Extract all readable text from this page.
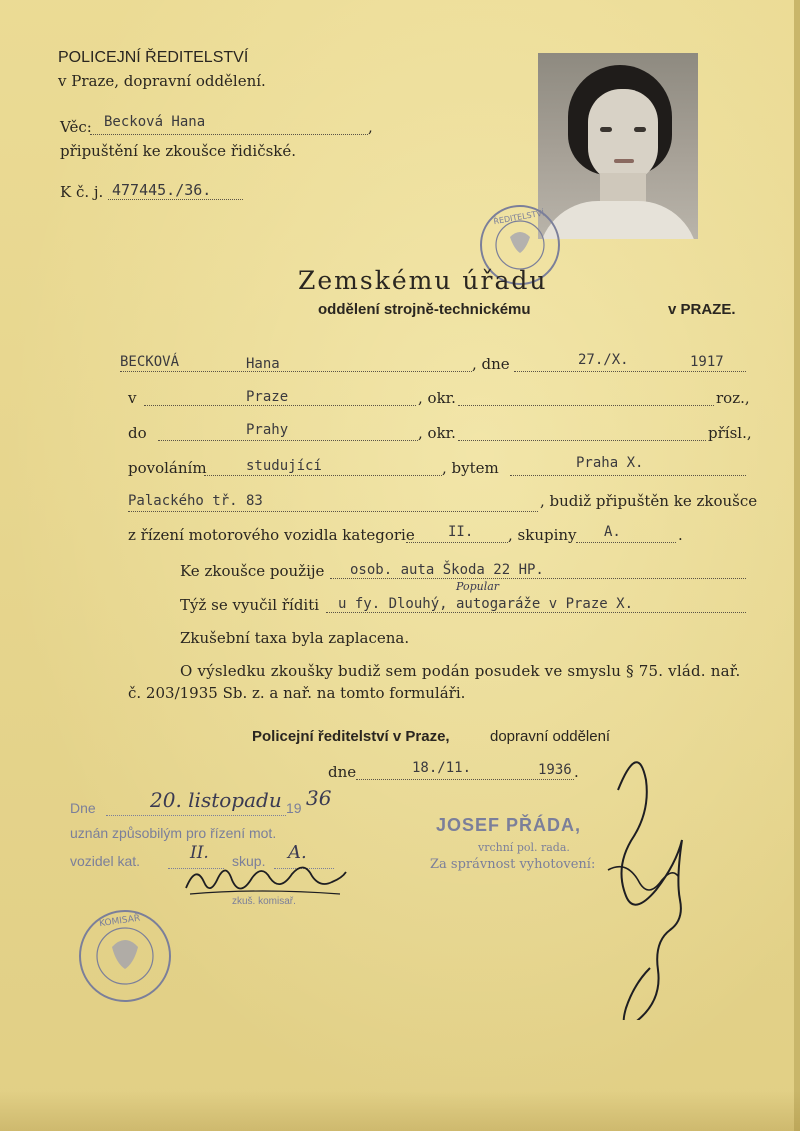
POLICEJNÍ ŘEDITELSTVÍ
v Praze, dopravní oddělení.
Věc: Becková Hana	,
připuštění ke zkoušce řidičské.
K č. j. 477445./36.
ŘEDITELSTVÍ
Zemskému úřadu
oddělení strojně-technickému	v PRAZE.
BECKOVÁ	Hana	, dne	27./X.	1917
v	Praze	, okr.	roz.,
do	Prahy	, okr.	přísl.,
povoláním	studující	, bytem	Praha X.
Palackého tř. 83	, budiž připuštěn ke zkoušce
z řízení motorového vozidla kategorie II. , skupiny A.	.
Ke zkoušce použije osob. auta Škoda 22 HP.
Popular
Týž se vyučil říditi u fy. Dlouhý, autogaráže v Praze X.
Zkušební taxa byla zaplacena.
O výsledku zkoušky budiž sem podán posudek ve smyslu § 75. vlád. nař.
č. 203/1935 Sb. z. a nař. na tomto formuláři.
Policejní ředitelství v Praze,	dopravní oddělení
dne	18./11.	1936 .
JOSEF PŘÁDA,
vrchní pol. rada.
Za správnost vyhotovení:
Dne	20. listopadu 19 36
uznán způsobilým pro řízení mot.
vozidel kat.	II. skup. A.
zkuš. komisař.
KOMISAŘ
